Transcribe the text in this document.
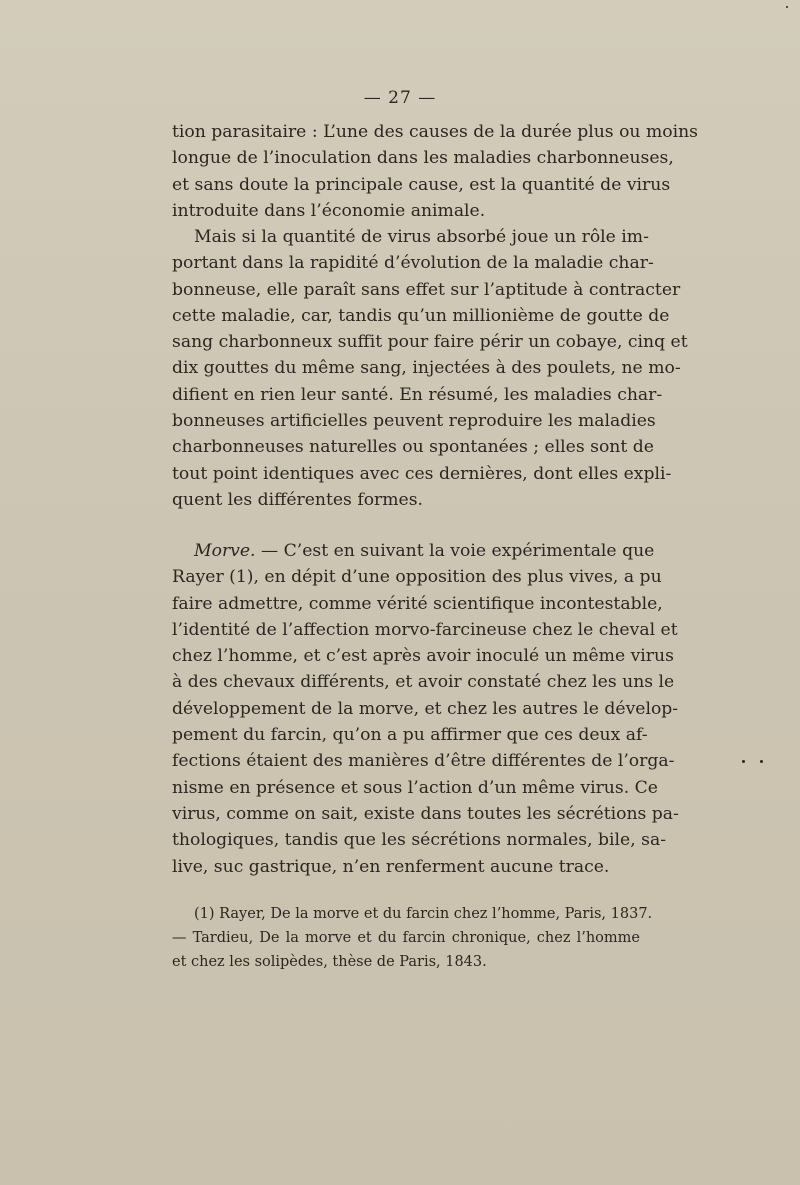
— 27 —
tion parasitaire : L’une des causes de la durée plus ou moins
longue de l’inoculation dans les maladies charbonneuses,
et sans doute la principale cause, est la quantité de virus
introduite dans l’économie animale.
Mais si la quantité de virus absorbé joue un rôle im-
portant dans la rapidité d’évolution de la maladie char-
bonneuse, elle paraît sans effet sur l’aptitude à contracter
cette maladie, car, tandis qu’un millionième de goutte de
sang charbonneux suffit pour faire périr un cobaye, cinq et
dix gouttes du même sang, injectées à des poulets, ne mo-
difient en rien leur santé. En résumé, les maladies char-
bonneuses artificielles peuvent reproduire les maladies
charbonneuses naturelles ou spontanées ; elles sont de
tout point identiques avec ces dernières, dont elles expli-
quent les différentes formes.
Morve. — C’est en suivant la voie expérimentale que
Rayer (1), en dépit d’une opposition des plus vives, a pu
faire admettre, comme vérité scientifique incontestable,
l’identité de l’affection morvo-farcineuse chez le cheval et
chez l’homme, et c’est après avoir inoculé un même virus
à des chevaux différents, et avoir constaté chez les uns le
développement de la morve, et chez les autres le dévelop-
pement du farcin, qu’on a pu affirmer que ces deux af-
fections étaient des manières d’être différentes de l’orga-
nisme en présence et sous l’action d’un même virus. Ce
virus, comme on sait, existe dans toutes les sécrétions pa-
thologiques, tandis que les sécrétions normales, bile, sa-
live, suc gastrique, n’en renferment aucune trace.
(1) Rayer, De la morve et du farcin chez l’homme, Paris, 1837.
— Tardieu, De la morve et du farcin chronique, chez l’homme
et chez les solipèdes, thèse de Paris, 1843.
